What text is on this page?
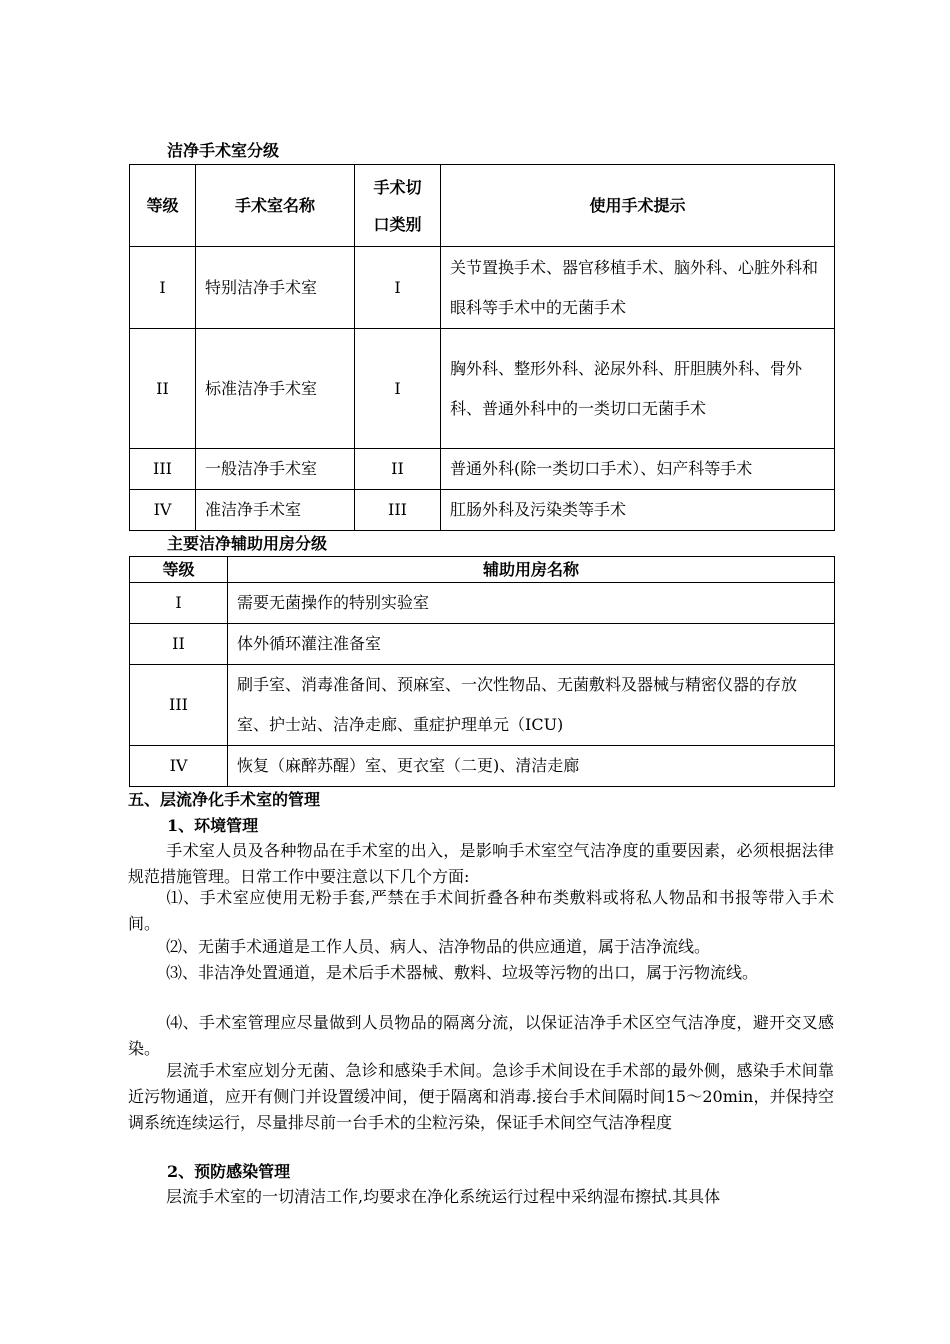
洁净手术室分级
等级	手术室名称	手术切口类别	使用手术提示
I	特别洁净手术室	I	关节置换手术、器官移植手术、脑外科、心脏外科和眼科等手术中的无菌手术
II	标准洁净手术室	I	胸外科、整形外科、泌尿外科、肝胆胰外科、骨外科、普通外科中的一类切口无菌手术
III	一般洁净手术室	II	普通外科(除一类切口手术）、妇产科等手术
IV	准洁净手术室	III	肛肠外科及污染类等手术
主要洁净辅助用房分级
等级	辅助用房名称
I	需要无菌操作的特别实验室
II	体外循环灌注准备室
III	刷手室、消毒准备间、预麻室、一次性物品、无菌敷料及器械与精密仪器的存放室、护士站、洁净走廊、重症护理单元（ICU)
IV	恢复（麻醉苏醒）室、更衣室（二更)、清洁走廊
五、层流净化手术室的管理
1、环境管理
手术室人员及各种物品在手术室的出入，是影响手术室空气洁净度的重要因素，必须根据法律规范措施管理。日常工作中要注意以下几个方面:
⑴、手术室应使用无粉手套,严禁在手术间折叠各种布类敷料或将私人物品和书报等带入手术间。
⑵、无菌手术通道是工作人员、病人、洁净物品的供应通道，属于洁净流线。
⑶、非洁净处置通道，是术后手术器械、敷料、垃圾等污物的出口，属于污物流线。
⑷、手术室管理应尽量做到人员物品的隔离分流，以保证洁净手术区空气洁净度，避开交叉感染。
层流手术室应划分无菌、急诊和感染手术间。急诊手术间设在手术部的最外侧，感染手术间靠近污物通道，应开有侧门并设置缓冲间，便于隔离和消毒.接台手术间隔时间15～20min，并保持空调系统连续运行，尽量排尽前一台手术的尘粒污染，保证手术间空气洁净程度
2、预防感染管理
层流手术室的一切清洁工作,均要求在净化系统运行过程中采纳湿布擦拭.其具体
